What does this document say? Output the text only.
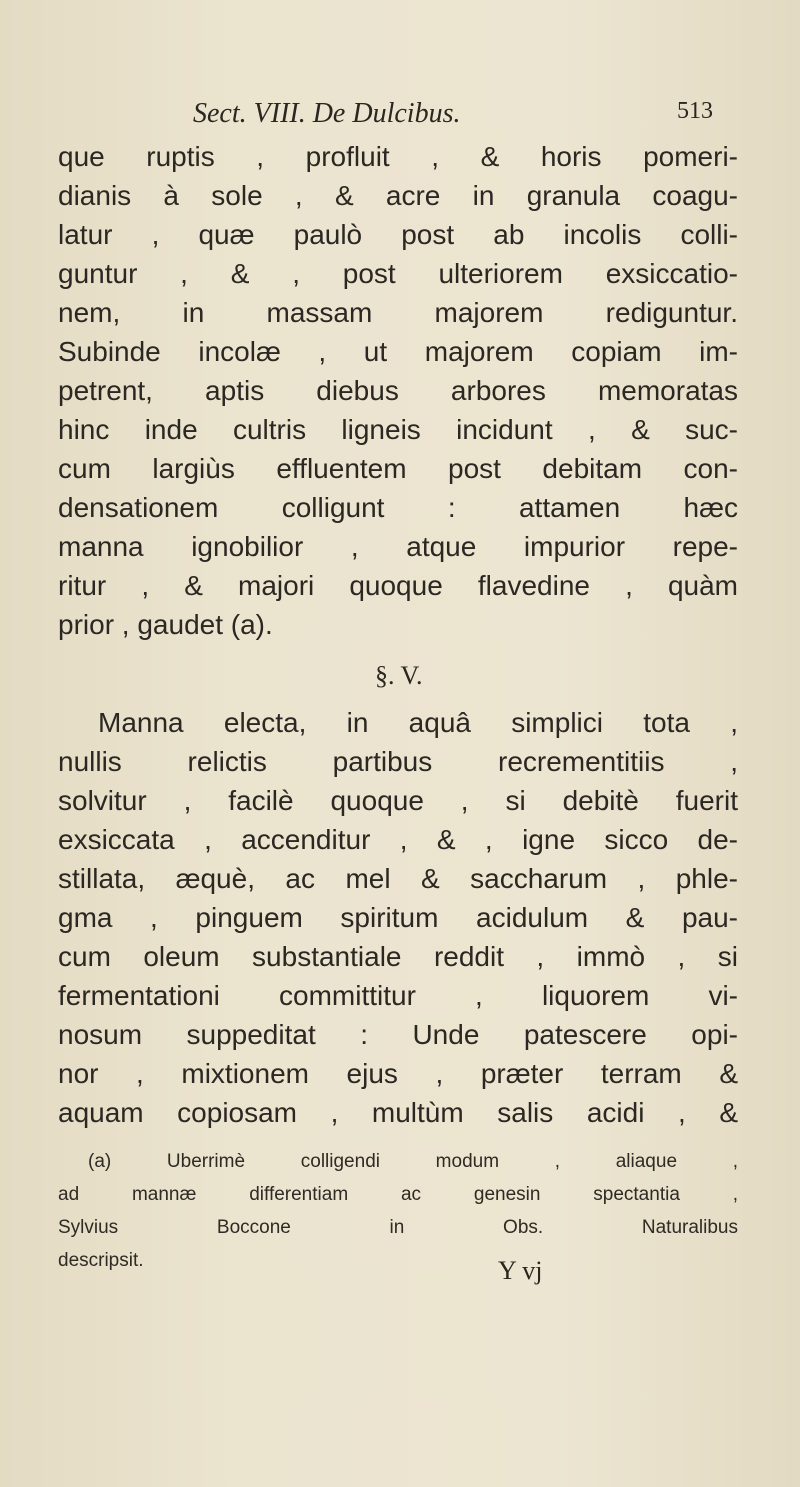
Sect. VIII. De Dulcibus.	513
que ruptis , profluit , & horis pomeri-
dianis à sole , & acre in granula coagu-
latur , quæ paulò post ab incolis colli-
guntur , & , post ulteriorem exsiccatio-
nem, in massam majorem rediguntur.
Subinde incolæ , ut majorem copiam im-
petrent, aptis diebus arbores memoratas
hinc inde cultris ligneis incidunt , & suc-
cum largiùs effluentem post debitam con-
densationem colligunt : attamen hæc
manna ignobilior , atque impurior repe-
ritur , & majori quoque flavedine , quàm
prior , gaudet (a).
§. V.
Manna electa, in aquâ simplici tota ,
nullis relictis partibus recrementitiis ,
solvitur , facilè quoque , si debitè fuerit
exsiccata , accenditur , & , igne sicco de-
stillata, æquè, ac mel & saccharum , phle-
gma , pinguem spiritum acidulum & pau-
cum oleum substantiale reddit , immò , si
fermentationi committitur , liquorem vi-
nosum suppeditat : Unde patescere opi-
nor , mixtionem ejus , præter terram &
aquam copiosam , multùm salis acidi , &
(a) Uberrimè colligendi modum , aliaque ,
ad mannæ differentiam ac genesin spectantia ,
Sylvius Boccone in Obs. Naturalibus
descripsit.	Y vj
